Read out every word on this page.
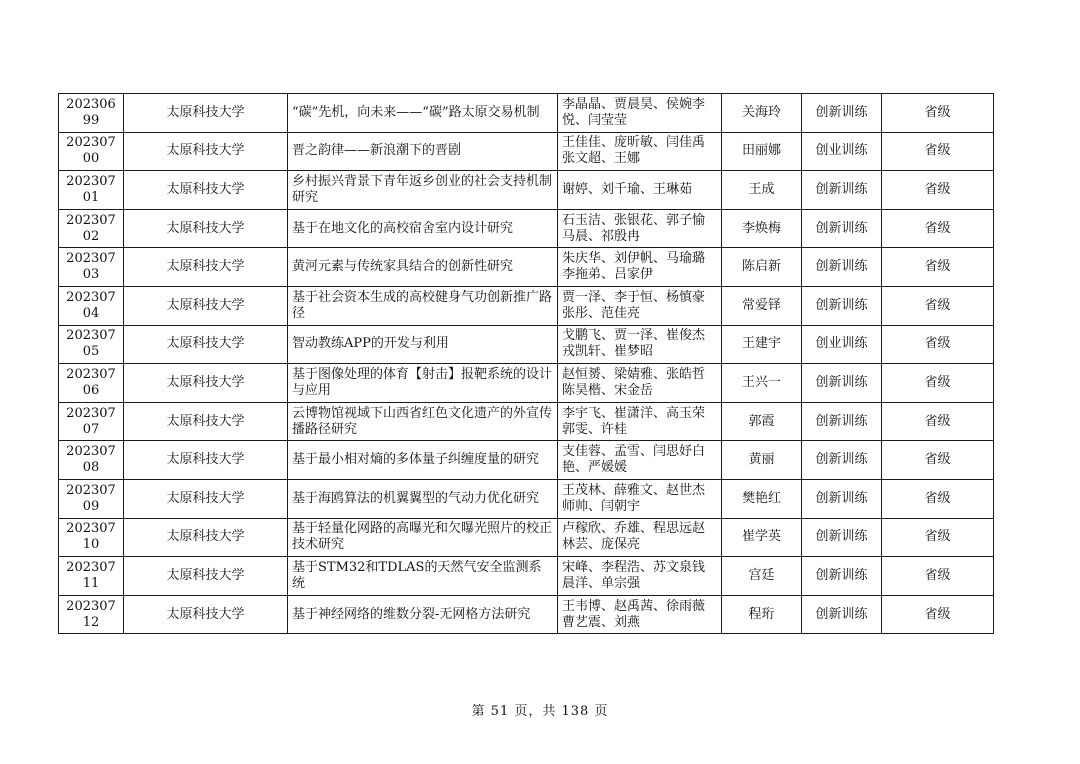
20230699	太原科技大学	“碳”先机，向未来——“碳”路太原交易机制	李晶晶、贾晨昊、侯婉李悦、闫莹莹	关海玲	创新训练	省级

20230700	太原科技大学	晋之韵律——新浪潮下的晋剧	王佳佳、庞昕敏、闫佳禹张文超、王娜	田丽娜	创业训练	省级

20230701	太原科技大学	乡村振兴背景下青年返乡创业的社会支持机制研究	谢婷、刘千瑜、王琳茹	王成	创新训练	省级

20230702	太原科技大学	基于在地文化的高校宿舍室内设计研究	石玉洁、张银花、郭子愉马晨、祁殷冉	李焕梅	创新训练	省级

20230703	太原科技大学	黄河元素与传统家具结合的创新性研究	朱庆华、刘伊帆、马瑜璐李拖弟、吕家伊	陈启新	创新训练	省级

20230704	太原科技大学	基于社会资本生成的高校健身气功创新推广路径	贾一泽、李于恒、杨慎豪张彤、范佳亮	常爱铎	创新训练	省级

20230705	太原科技大学	智动教练APP的开发与利用	戈鹏飞、贾一泽、崔俊杰戎凯轩、崔梦昭	王建宇	创业训练	省级

20230706	太原科技大学	基于图像处理的体育【射击】报靶系统的设计与应用	赵恒赟、梁婧雅、张皓哲陈昊楷、宋金岳	王兴一	创新训练	省级

20230707	太原科技大学	云博物馆视域下山西省红色文化遗产的外宣传播路径研究	李宇飞、崔潇洋、高玉荣郭雯、许桂	郭霞	创新训练	省级

20230708	太原科技大学	基于最小相对熵的多体量子纠缠度量的研究	支佳蓉、孟雪、闫思妤白艳、严媛媛	黄丽	创新训练	省级

20230709	太原科技大学	基于海鸥算法的机翼翼型的气动力优化研究	王茂林、薛雅文、赵世杰师帅、闫朝宇	樊艳红	创新训练	省级

20230710	太原科技大学	基于轻量化网路的高曝光和欠曝光照片的校正技术研究	卢稼欣、乔雄、程思远赵林芸、庞保亮	崔学英	创新训练	省级

20230711	太原科技大学	基于STM32和TDLAS的天然气安全监测系统	宋峰、李程浩、苏文泉钱晨洋、单宗强	宫廷	创新训练	省级

20230712	太原科技大学	基于神经网络的维数分裂-无网格方法研究	王韦博、赵禹茜、徐雨薇曹艺震、刘燕	程珩	创新训练	省级
第 51 页，共 138 页
